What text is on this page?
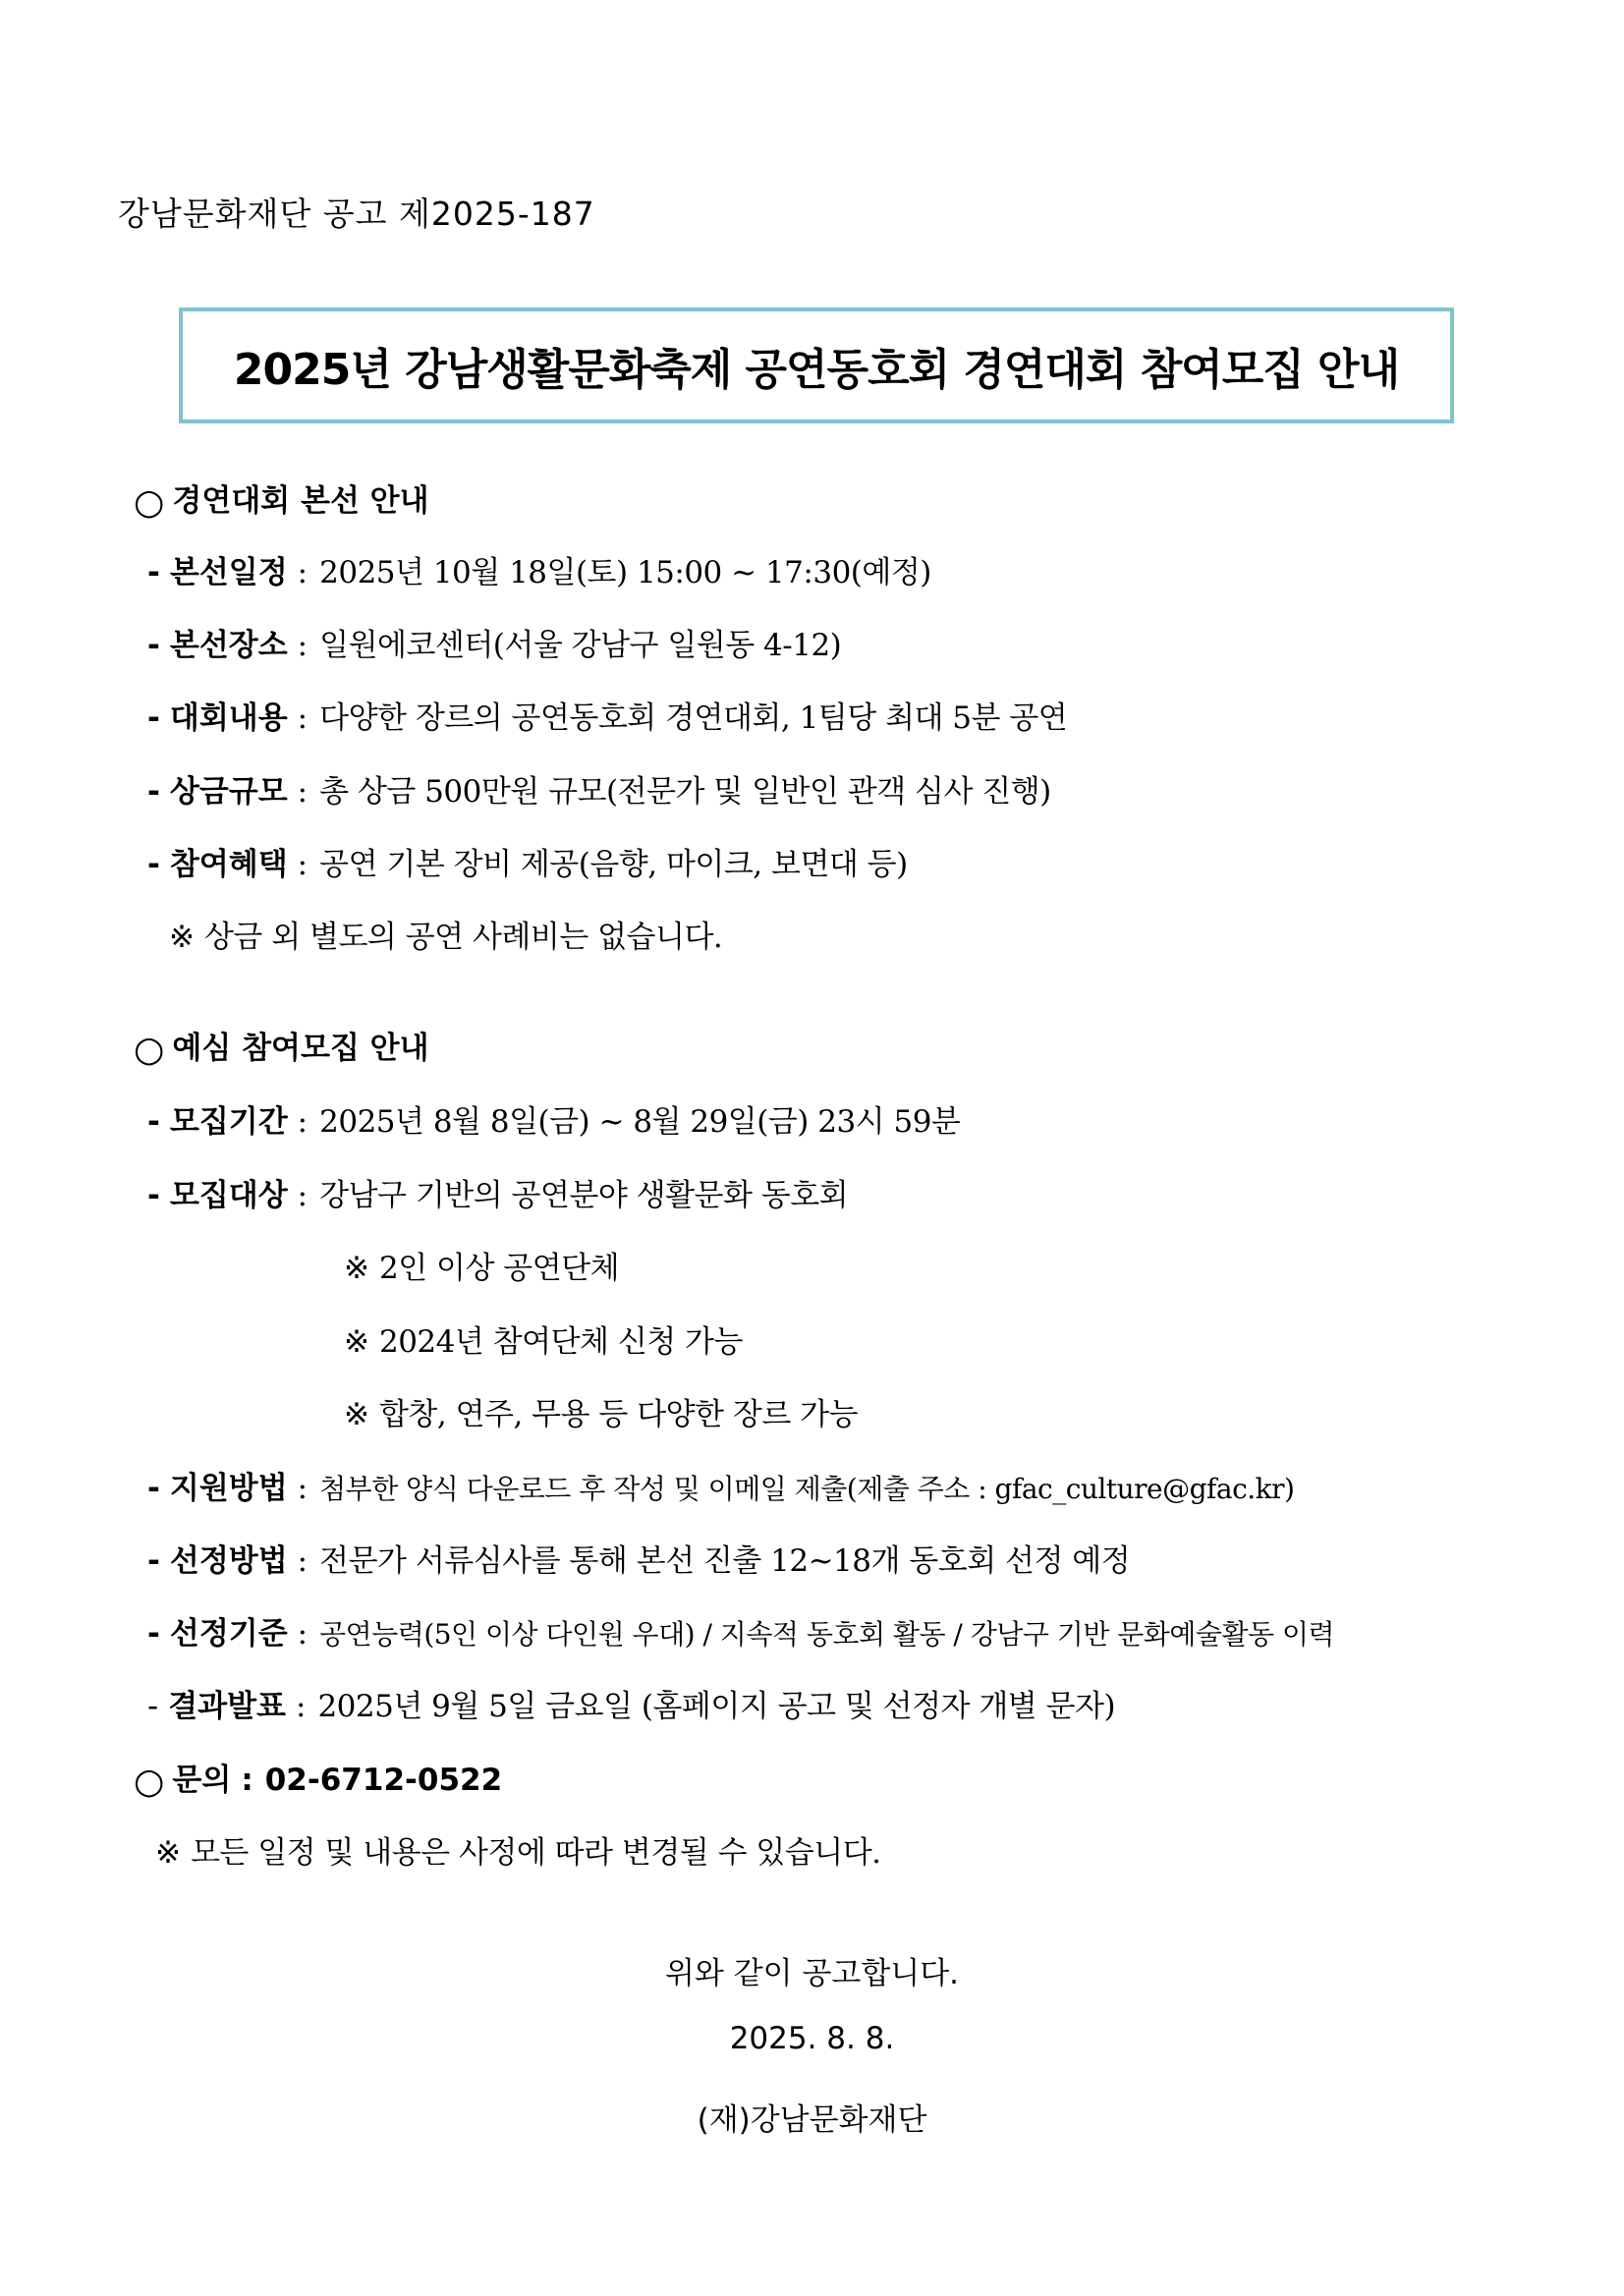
강남문화재단 공고 제2025-187
2025년 강남생활문화축제 공연동호회 경연대회 참여모집 안내
○ 경연대회 본선 안내
- 본선일정 : 2025년 10월 18일(토) 15:00 ~ 17:30(예정)
- 본선장소 : 일원에코센터(서울 강남구 일원동 4-12)
- 대회내용 : 다양한 장르의 공연동호회 경연대회, 1팀당 최대 5분 공연
- 상금규모 : 총 상금 500만원 규모(전문가 및 일반인 관객 심사 진행)
- 참여혜택 : 공연 기본 장비 제공(음향, 마이크, 보면대 등)
※ 상금 외 별도의 공연 사례비는 없습니다.
○ 예심 참여모집 안내
- 모집기간 : 2025년 8월 8일(금) ~ 8월 29일(금) 23시 59분
- 모집대상 : 강남구 기반의 공연분야 생활문화 동호회
※ 2인 이상 공연단체
※ 2024년 참여단체 신청 가능
※ 합창, 연주, 무용 등 다양한 장르 가능
- 지원방법 : 첨부한 양식 다운로드 후 작성 및 이메일 제출(제출 주소 : gfac_culture@gfac.kr)
- 선정방법 : 전문가 서류심사를 통해 본선 진출 12~18개 동호회 선정 예정
- 선정기준 : 공연능력(5인 이상 다인원 우대) / 지속적 동호회 활동 / 강남구 기반 문화예술활동 이력
- 결과발표 : 2025년 9월 5일 금요일 (홈페이지 공고 및 선정자 개별 문자)
○ 문의 : 02-6712-0522
※ 모든 일정 및 내용은 사정에 따라 변경될 수 있습니다.
위와 같이 공고합니다.
2025. 8. 8.
(재)강남문화재단
